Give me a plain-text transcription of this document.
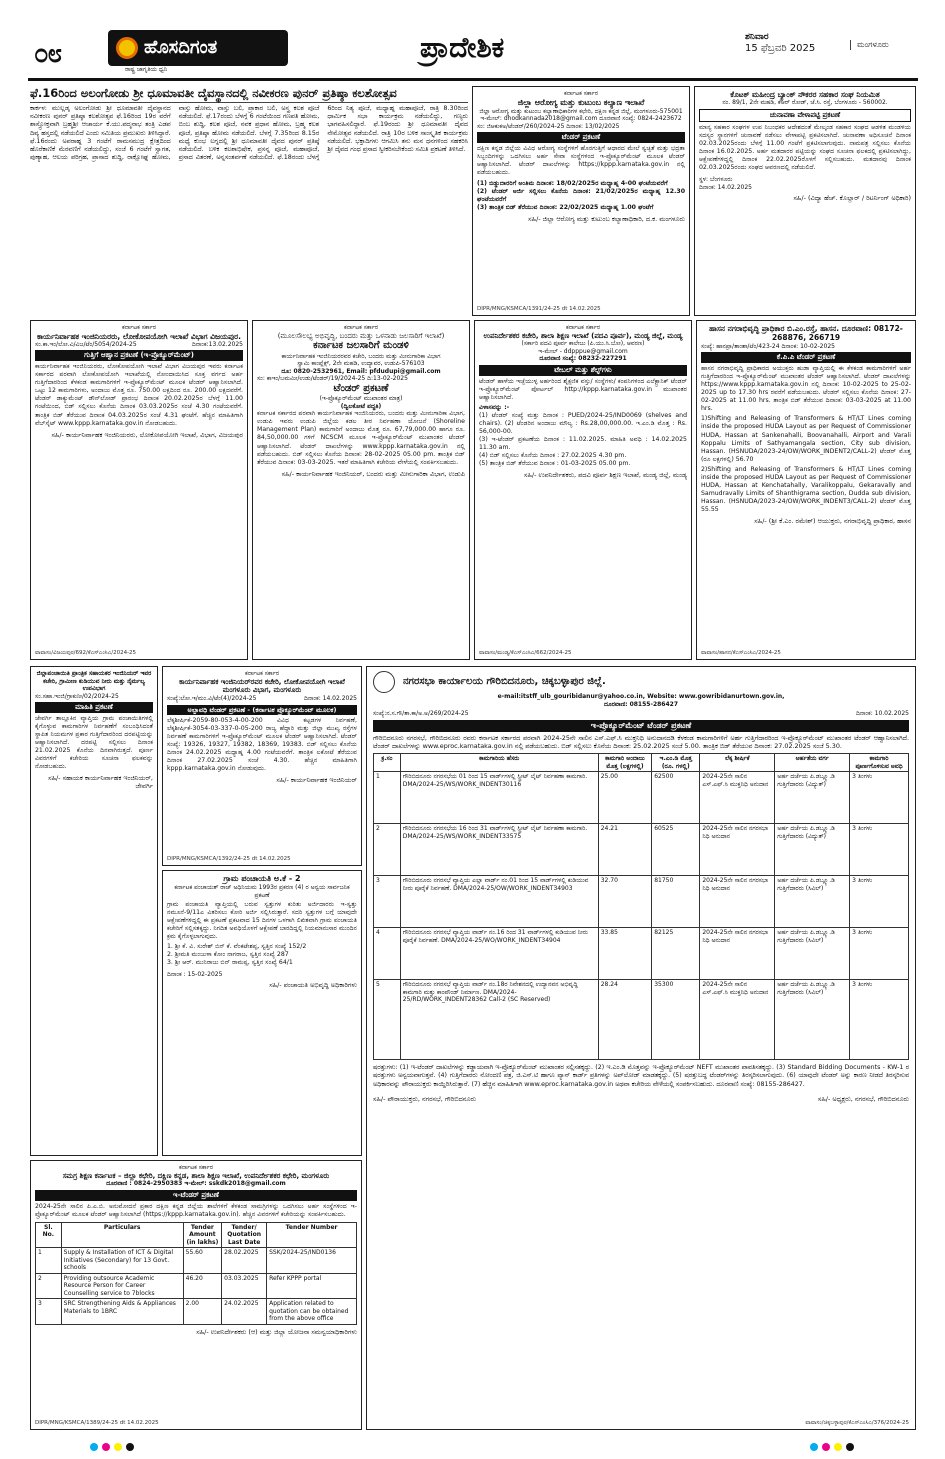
೦೮	ಹೊಸದಿಗಂತ
ರಾಷ್ಟ್ರ ಜಾಗೃತಿಯ ಧ್ವನಿ
ಪ್ರಾದೇಶಿಕ	ಶನಿವಾರ
15 ಫೆಬ್ರವರಿ 2025	ಮಂಗಳೂರು
ಫೆ.16ರಿಂದ ಅಲಂಗೋಡು ಶ್ರೀ ಧೂಮಾವತೀ ದೈವಸ್ಥಾನದಲ್ಲಿ ನವೀಕರಣ ಪುನರ್ ಪ್ರತಿಷ್ಠಾ ಕಲಶೋತ್ಸವ
ಕಾರ್ಕಳ: ಮುಲ್ಲಡ್ಕ ಅಲಂಗೋಡು ಶ್ರೀ ಧೂಮಾವತೀ ದೈವಸ್ಥಾನದ ನವೀಕರಣ ಪುನರ್ ಪ್ರತಿಷ್ಠಾ ಕಲಶೋತ್ಸವ ಫೆ.16ರಿಂದ 19ರ ವರೆಗೆ ಶಾಸ್ತ್ರೋಕ್ತವಾಗಿ ಬ್ರಹ್ಮಶ್ರೀ ಆಚಾರ್ಯ ಕೆ.ಯು.ಪದ್ಮನಾಭ ತಂತ್ರಿ ಎಡಪ ದಿವ್ಯ ಹಸ್ತದಲ್ಲಿ ನಡೆಯಲಿದೆ ಎಂದು ಸಮಿತಿಯ ಪ್ರಮುಖರು ತಿಳಿಸಿದ್ದಾರೆ. ಫೆ.16ರಂದು ಅಪರಾಹ್ನ 3 ಗಂಟೆಗೆ ರಾಮಸಮುದ್ರ ಕ್ಷೇತ್ರದಿಂದ ಹೊರೆಕಾಣಿಕೆ ಮೆರವಣಿಗೆ ನಡೆಯಲಿದ್ದು, ಸಂಜೆ 6 ಗಂಟೆಗೆ ಸ್ವಾಗತ, ಪುಣ್ಯಾಹ, ಆಲಯ ಪರಿಗ್ರಹ, ಪ್ರಾಸಾದ ಶುದ್ಧಿ, ರಾಕ್ಷೋಘ್ನ ಹೋಮ, ವಾಸ್ತು ಹೋಮ, ವಾಸ್ತು ಬಲಿ, ಪ್ರಾಕಾರ ಬಲಿ, ಅಸ್ತ್ರ ಕಲಶ ಪೂಜೆ ನಡೆಯಲಿದೆ. ಫೆ.17ರಂದು ಬೆಳಗ್ಗೆ 6 ಗಂಟೆಯಿಂದ ಗಣಪತಿ ಹೋಮ, ಬಿಂಬ ಶುದ್ಧಿ, ಕಲಶ ಪೂಜೆ, ನವಕ ಪ್ರಧಾನ ಹೋಮ, ಬ್ರಹ್ಮ ಕಲಶ ಪೂಜೆ, ಪ್ರತಿಷ್ಠಾ ಹೋಮ ನಡೆಯಲಿದೆ. ಬೆಳಗ್ಗೆ 7.35ರಿಂದ 8.15ರ ಮಧ್ಯೆ ಕುಂಭ ಲಗ್ನದಲ್ಲಿ ಶ್ರೀ ಧೂಮಾವತೀ ದೈವದ ಪುನರ್ ಪ್ರತಿಷ್ಠೆ ನಡೆಯಲಿದೆ. ಬಳಿಕ ಕಲಶಾಭಿಷೇಕ, ಪ್ರಸನ್ನ ಪೂಜೆ, ಮಹಾಪೂಜೆ, ಪ್ರಸಾದ ವಿತರಣೆ, ಅನ್ನಸಂತರ್ಪಣೆ ನಡೆಯಲಿದೆ. ಫೆ.18ರಂದು ಬೆಳಗ್ಗೆ 6ರಿಂದ ನಿತ್ಯ ಪೂಜೆ, ಮಧ್ಯಾಹ್ನ ಮಹಾಪೂಜೆ, ರಾತ್ರಿ 8.30ರಿಂದ ಧಾರ್ಮಿಕ ಸಭಾ ಕಾರ್ಯಕ್ರಮ ನಡೆಯಲಿದ್ದು, ಗಣ್ಯರು ಭಾಗವಹಿಸಲಿದ್ದಾರೆ. ಫೆ.19ರಂದು ಶ್ರೀ ಧೂಮಾವತೀ ದೈವದ ನೇಮೋತ್ಸವ ನಡೆಯಲಿದೆ. ರಾತ್ರಿ 10ರ ಬಳಿಕ ಸಾಂಸ್ಕೃತಿಕ ಕಾರ್ಯಕ್ರಮ ನಡೆಯಲಿದೆ. ಭಕ್ತಾದಿಗಳು ಆಗಮಿಸಿ ತನು ಮನ ಧನಗಳಿಂದ ಸಹಕರಿಸಿ ಶ್ರೀ ದೈವದ ಗಂಧ ಪ್ರಸಾದ ಸ್ವೀಕರಿಸಬೇಕೆಂದು ಸಮಿತಿ ಪ್ರಕಟಣೆ ತಿಳಿಸಿದೆ.
ಕರ್ನಾಟಕ ಸರ್ಕಾರ
ಜಿಲ್ಲಾ ಆರೋಗ್ಯ ಮತ್ತು ಕುಟುಂಬ ಕಲ್ಯಾಣ ಇಲಾಖೆ
ಜಿಲ್ಲಾ ಆರೋಗ್ಯ ಮತ್ತು ಕುಟುಂಬ ಕಲ್ಯಾಣಾಧಿಕಾರಿಗಳ ಕಛೇರಿ, ದಕ್ಷಿಣ ಕನ್ನಡ ಜಿಲ್ಲೆ, ಮಂಗಳೂರು-575001
ಇ-ಮೇಲ್: dhodkannada2018@gmail.com ದೂರವಾಣಿ ಸಂಖ್ಯೆ: 0824-2423672
ಸಂ: ಜಿಆಕುಕಅ/ಟೆಂಡರ್/260/2024-25 ದಿನಾಂಕ: 13/02/2025
ಟೆಂಡರ್ ಪ್ರಕಟಣೆ
ದಕ್ಷಿಣ ಕನ್ನಡ ಜಿಲ್ಲೆಯ ವಿವಿಧ ಆರೋಗ್ಯ ಸಂಸ್ಥೆಗಳಿಗೆ ಹೊರಗುತ್ತಿಗೆ ಆಧಾರದ ಮೇಲೆ ಸ್ವಚ್ಛತೆ ಮತ್ತು ಭದ್ರತಾ ಸಿಬ್ಬಂದಿಗಳನ್ನು ಒದಗಿಸಲು ಅರ್ಹ ಸೇವಾ ಸಂಸ್ಥೆಗಳಿಂದ ಇ-ಪ್ರೊಕ್ಯೂರ್‌ಮೆಂಟ್ ಮೂಲಕ ಟೆಂಡರ್ ಆಹ್ವಾನಿಸಲಾಗಿದೆ. ಟೆಂಡರ್ ದಾಖಲೆಗಳನ್ನು https://kppp.karnataka.gov.in ನಲ್ಲಿ ಪಡೆಯಬಹುದು.
(1) ಬಿಡ್ಡುದಾರರಿಗೆ ಅಂತಿಮ ದಿನಾಂಕ: 18/02/2025ರ ಮಧ್ಯಾಹ್ನ 4-00 ಘಂಟೆಯವರೆಗೆ
(2) ಟೆಂಡರ್ ಅರ್ಜಿ ಸಲ್ಲಿಸಲು ಕೊನೆಯ ದಿನಾಂಕ: 21/02/2025ರ ಮಧ್ಯಾಹ್ನ 12.30 ಘಂಟೆಯವರೆಗೆ
(3) ತಾಂತ್ರಿಕ ಬಿಡ್ ತೆರೆಯುವ ದಿನಾಂಕ: 22/02/2025 ಮಧ್ಯಾಹ್ನ 1.00 ಘಂಟೆಗೆ
ಸಹಿ/- ಜಿಲ್ಲಾ ಆರೋಗ್ಯ ಮತ್ತು ಕುಟುಂಬ ಕಲ್ಯಾಣಾಧಿಕಾರಿ, ದ.ಕ. ಮಂಗಳೂರು
DIPR/MNG/KSMCA/1391/24-25 dt 14.02.2025
ಕೊಟಕ್ ಮಹೀಂದ್ರ ಬ್ಯಾಂಕ್ ನೌಕರರ ಸಹಕಾರ ಸಂಘ ನಿಯಮಿತ
ನಂ. 89/1, 2ನೇ ಮಹಡಿ, ಕೆಆರ್ ರೋಡ್, ಜೆ.ಸಿ. ರಸ್ತೆ, ಬೆಂಗಳೂರು - 560002.
ಚುನಾವಣಾ ವೇಳಾಪಟ್ಟಿ ಪ್ರಕಟಣೆ
ಮಾನ್ಯ ಸಹಕಾರ ಸಂಘಗಳ ಉಪ ನಿಬಂಧಕರ ಆದೇಶದಂತೆ ಮೇಲ್ಕಂಡ ಸಹಕಾರ ಸಂಘದ ಆಡಳಿತ ಮಂಡಳಿಯ ಸದಸ್ಯರ ಸ್ಥಾನಗಳಿಗೆ ಚುನಾವಣೆ ನಡೆಸಲು ವೇಳಾಪಟ್ಟಿ ಪ್ರಕಟಿಸಲಾಗಿದೆ. ಚುನಾವಣಾ ಅಧಿಸೂಚನೆ ದಿನಾಂಕ 02.03.2025ರಂದು ಬೆಳಗ್ಗೆ 11.00 ಗಂಟೆಗೆ ಪ್ರಕಟಿಸಲಾಗುವುದು. ನಾಮಪತ್ರ ಸಲ್ಲಿಸಲು ಕೊನೆಯ ದಿನಾಂಕ 16.02.2025. ಅರ್ಹ ಮತದಾರರ ಪಟ್ಟಿಯನ್ನು ಸಂಘದ ಸೂಚನಾ ಫಲಕದಲ್ಲಿ ಪ್ರಕಟಿಸಲಾಗಿದ್ದು, ಆಕ್ಷೇಪಣೆಗಳಿದ್ದಲ್ಲಿ ದಿನಾಂಕ 22.02.2025ರೊಳಗೆ ಸಲ್ಲಿಸಬಹುದು. ಮತದಾನವು ದಿನಾಂಕ 02.03.2025ರಂದು ಸಂಘದ ಆವರಣದಲ್ಲಿ ನಡೆಯಲಿದೆ.
ಸ್ಥಳ: ಬೆಂಗಳೂರು
ದಿನಾಂಕ: 14.02.2025
ಸಹಿ/- (ವಿದ್ಯಾ ಹೆಚ್. ಕೊಲ್ಲಾರ್ / ರಿಟರ್ನಿಂಗ್ ಅಧಿಕಾರಿ)
ಕರ್ನಾಟಕ ಸರ್ಕಾರ
ಕಾರ್ಯನಿರ್ವಾಹಕ ಇಂಜಿನಿಯರರು, ಲೋಕೋಪಯೋಗಿ ಇಲಾಖೆ ವಿಭಾಗ ವಿಜಯಪುರ.
ಸಂ.ಕಾ.ಇಂ/ಲೋ.ವಿ/ವಿಜ/ಟೆಂ/5054/2024-25	ದಿನಾಂಕ:13.02.2025
ಗುತ್ತಿಗೆ ಆಹ್ವಾನ ಪ್ರಕಟಣೆ (ಇ-ಪ್ರೊಕ್ಯೂರ್‌ಮೆಂಟ್)
ಕಾರ್ಯನಿರ್ವಾಹಕ ಇಂಜಿನಿಯರರು, ಲೋಕೋಪಯೋಗಿ ಇಲಾಖೆ ವಿಭಾಗ ವಿಜಯಪುರ ಇವರು ಕರ್ನಾಟಕ ಸರ್ಕಾರದ ಪರವಾಗಿ ಲೋಕೋಪಯೋಗಿ ಇಲಾಖೆಯಲ್ಲಿ ನೋಂದಾಯಿಸಿದ ಸೂಕ್ತ ವರ್ಗದ ಅರ್ಹ ಗುತ್ತಿಗೆದಾರರಿಂದ ಕೆಳಕಂಡ ಕಾಮಗಾರಿಗಳಿಗೆ ಇ-ಪ್ರೊಕ್ಯೂರ್‌ಮೆಂಟ್ ಮೂಲಕ ಟೆಂಡರ್ ಆಹ್ವಾನಿಸಲಾಗಿದೆ. ಒಟ್ಟು 12 ಕಾಮಗಾರಿಗಳು, ಅಂದಾಜು ಮೊತ್ತ ರೂ. 750.00 ಲಕ್ಷದಿಂದ ರೂ. 200.00 ಲಕ್ಷದವರೆಗೆ. ಟೆಂಡರ್ ಡಾಕ್ಯುಮೆಂಟ್ ಡೌನ್‌ಲೋಡ್ ಪ್ರಾರಂಭ ದಿನಾಂಕ 20.02.2025ರ ಬೆಳಗ್ಗೆ 11.00 ಗಂಟೆಯಿಂದ, ಬಿಡ್ ಸಲ್ಲಿಸಲು ಕೊನೆಯ ದಿನಾಂಕ 03.03.2025ರ ಸಂಜೆ 4.30 ಗಂಟೆಯವರೆಗೆ. ತಾಂತ್ರಿಕ ಬಿಡ್ ತೆರೆಯುವ ದಿನಾಂಕ 04.03.2025ರ ಸಂಜೆ 4.31 ಘಂಟೆಗೆ. ಹೆಚ್ಚಿನ ಮಾಹಿತಿಗಾಗಿ ವೆಬ್‌ಸೈಟ್ www.kppp.karnataka.gov.in ನೋಡಬಹುದು.
ಸಹಿ/- ಕಾರ್ಯನಿರ್ವಾಹಕ ಇಂಜಿನಿಯರರು, ಲೋಕೋಪಯೋಗಿ ಇಲಾಖೆ, ವಿಭಾಗ, ವಿಜಯಪುರ
ವಾವಾಸಂ/ವಿಜಯಪುರ/692/ಕೆಎಸ್ಎಂಸಿಎ/2024-25
ಕರ್ನಾಟಕ ಸರ್ಕಾರ
(ಮೂಲಸೌಲಭ್ಯ ಅಭಿವೃದ್ಧಿ, ಬಂದರು ಮತ್ತು ಒಳನಾಡು ಜಲಸಾರಿಗೆ ಇಲಾಖೆ)
ಕರ್ನಾಟಕ ಜಲಸಾರಿಗೆ ಮಂಡಳಿ
ಕಾರ್ಯನಿರ್ವಾಹಕ ಇಂಜಿನಿಯರರವರ ಕಚೇರಿ, ಬಂದರು ಮತ್ತು ಮೀನುಗಾರಿಕಾ ವಿಭಾಗ
ಸ್ವಾಮಿ ಕಾಂಪ್ಲೆಕ್ಸ್, 2ನೇ ಮಹಡಿ, ಉದ್ಯಾವರ, ಉಡುಪಿ-576103
ದೂ: 0820-2532961, Email: pfdudupi@gmail.com
ಸಂ: ಕಾಇಂ/ಬಮಮೀ/ಉಡು/ಟೆಂಡರ್/19/2024-25 ದಿ:13-02-2025
ಟೆಂಡರ್ ಪ್ರಕಟಣೆ
(ಇ-ಪ್ರೊಕ್ಯೂರ್‌ಮೆಂಟ್ ಮುಖಾಂತರ ಮಾತ್ರ)
(ದ್ವಿಲಕೋಟೆ ಪದ್ಧತಿ)
ಕರ್ನಾಟಕ ಸರ್ಕಾರದ ಪರವಾಗಿ ಕಾರ್ಯನಿರ್ವಾಹಕ ಇಂಜಿನಿಯರರು, ಬಂದರು ಮತ್ತು ಮೀನುಗಾರಿಕಾ ವಿಭಾಗ, ಉಡುಪಿ ಇವರು ಉಡುಪಿ ಜಿಲ್ಲೆಯ ಕಡಲ ತೀರ ನಿರ್ವಹಣಾ ಯೋಜನೆ (Shoreline Management Plan) ಕಾಮಗಾರಿಗೆ ಅಂದಾಜು ಮೊತ್ತ ರೂ. 67,79,000.00 ಹಾಗೂ ರೂ. 84,50,000.00 ಗಳಿಗೆ NCSCM ಮೂಲಕ ಇ-ಪ್ರೊಕ್ಯೂರ್‌ಮೆಂಟ್ ಮುಖಾಂತರ ಟೆಂಡರ್ ಆಹ್ವಾನಿಸಲಾಗಿದೆ. ಟೆಂಡರ್ ದಾಖಲೆಗಳನ್ನು www.kppp.karnataka.gov.in ನಲ್ಲಿ ಪಡೆಯಬಹುದು. ಬಿಡ್ ಸಲ್ಲಿಸಲು ಕೊನೆಯ ದಿನಾಂಕ: 28-02-2025 05.00 pm. ತಾಂತ್ರಿಕ ಬಿಡ್ ತೆರೆಯುವ ದಿನಾಂಕ: 03-03-2025. ಇತರೆ ಮಾಹಿತಿಗಾಗಿ ಕಚೇರಿಯ ವೇಳೆಯಲ್ಲಿ ಸಂಪರ್ಕಿಸಬಹುದು.
ಸಹಿ/- ಕಾರ್ಯನಿರ್ವಾಹಕ ಇಂಜಿನಿಯರ್, ಬಂದರು ಮತ್ತು ಮೀನುಗಾರಿಕಾ ವಿಭಾಗ, ಉಡುಪಿ
ಕರ್ನಾಟಕ ಸರ್ಕಾರ
ಉಪನಿರ್ದೇಶಕರ ಕಚೇರಿ, ಶಾಲಾ ಶಿಕ್ಷಣ ಇಲಾಖೆ (ಪದವಿ ಪೂರ್ವ), ಮಂಡ್ಯ ಜಿಲ್ಲೆ, ಮಂಡ್ಯ
(ಸರ್ಕಾರಿ ಪದವಿ ಪೂರ್ವ ಕಾಲೇಜು (ಪಿ.ಯು.ಸಿ.ಬೋ), ಆವರಣ)
ಇ-ಮೇಲ್ - ddpppue@gmail.com
ದೂರವಾಣಿ ಸಂಖ್ಯೆ: 08232-227291
ಟೇಬಲ್ ಮತ್ತು ಶೆಲ್ಫ್‌ಗಳು
ಟೆಂಡರ್ ಹಾಳೆಯ ಇಚ್ಛೆಯುಳ್ಳ ಅರ್ಹರಿಂದ ಶೈಕ್ಷಣಿಕ ವಸ್ತು/ ಸಂಸ್ಥೆಗಳು/ ಕಂಪನಿಗಳಿಂದ ಎಲೆಕ್ಟ್ರಾನಿಕ್ ಟೆಂಡರ್ ಇ-ಪ್ರೊಕ್ಯೂರ್‌ಮೆಂಟ್ ಪೋರ್ಟಲ್ http://kppp.karnataka.gov.in ಮುಖಾಂತರ ಆಹ್ವಾನಿಸಲಾಗಿದೆ.
ವಿಳಾಸವನ್ನು :-
(1) ಟೆಂಡರ್ ಸಂಖ್ಯೆ ಮತ್ತು ದಿನಾಂಕ : PUED/2024-25/IND0069 (shelves and chairs). (2) ಟೆಂಡರಿನ ಅಂದಾಜು ಮೌಲ್ಯ : Rs.28,00,000.00. ಇ.ಎಂ.ಡಿ ಮೊತ್ತ : Rs. 56,000-00.
(3) ಇ-ಟೆಂಡರ್ ಪ್ರಕಟಣೆಯ ದಿನಾಂಕ : 11.02.2025. ಮಾಹಿತಿ ಅವಧಿ : 14.02.2025 11.30 am.
(4) ಬಿಡ್ ಸಲ್ಲಿಸಲು ಕೊನೆಯ ದಿನಾಂಕ : 27.02.2025 4.30 pm.
(5) ತಾಂತ್ರಿಕ ಬಿಡ್ ತೆರೆಯುವ ದಿನಾಂಕ : 01-03-2025 05.00 pm.
ಸಹಿ/- ಉಪನಿರ್ದೇಶಕರು, ಪದವಿ ಪೂರ್ವ ಶಿಕ್ಷಣ ಇಲಾಖೆ, ಮಂಡ್ಯ ಜಿಲ್ಲೆ, ಮಂಡ್ಯ
ವಾವಾಸಂ/ಮಂಡ್ಯ/ಕೆಎಸ್ಎಂಸಿಎ/662/2024-25
ಹಾಸನ ನಗರಾಭಿವೃದ್ಧಿ ಪ್ರಾಧಿಕಾರ ಬಿ.ಎಂ.ರಸ್ತೆ, ಹಾಸನ. ದೂರವಾಣಿ: 08172-268876, 266719
ಸಂಖ್ಯೆ: ಹಾನಪ್ರಾ/ತಾಂಶಾ/ಟೆಂ/423-24 ದಿನಾಂಕ: 10-02-2025
ಕೆ.ಪಿ.ಪಿ ಟೆಂಡರ್ ಪ್ರಕಟಣೆ
ಹಾಸನ ನಗರಾಭಿವೃದ್ಧಿ ಪ್ರಾಧಿಕಾರದ ಅಯುಕ್ತರು ಹುಡಾ ವ್ಯಾಪ್ತಿಯಲ್ಲಿ ಈ ಕೆಳಕಂಡ ಕಾಮಗಾರಿಗಳಿಗೆ ಅರ್ಹ ಗುತ್ತಿಗೆದಾರರಿಂದ ಇ-ಪ್ರೊಕ್ಯೂರ್‌ಮೆಂಟ್ ಮುಖಾಂತರ ಟೆಂಡರ್ ಆಹ್ವಾನಿಸಲಾಗಿದೆ. ಟೆಂಡರ್ ದಾಖಲೆಗಳನ್ನು https://www.kppp.karnataka.gov.in ನಲ್ಲಿ ದಿನಾಂಕ: 10-02-2025 to 25-02-2025 up to 17.30 hrs ರವರೆಗೆ ಪಡೆಯಬಹುದು. ಟೆಂಡರ್ ಸಲ್ಲಿಸಲು ಕೊನೆಯ ದಿನಾಂಕ: 27-02-2025 at 11.00 hrs. ತಾಂತ್ರಿಕ ಬಿಡ್ ತೆರೆಯುವ ದಿನಾಂಕ: 03-03-2025 at 11.00 hrs.
1)Shifting and Releasing of Transformers & HT/LT Lines coming inside the proposed HUDA Layout as per Request of Commissioner HUDA, Hassan at Sankenahalli, Boovanahalli, Airport and Varali Koppalu Limits of Sathyamangala section, City sub division, Hassan. (HSNUDA/2023-24/OW/WORK_INDENT2/CALL-2) ಟೆಂಡರ್ ಮೊತ್ತ (ರೂ ಲಕ್ಷಗಳಲ್ಲಿ) 56.70
2)Shifting and Releasing of Transformers & HT/LT Lines coming inside the proposed HUDA Layout as per Request of Commissioner HUDA, Hassan at Kenchatahally, Varalikoppalu, Gekaravally and Samudravally Limits of Shanthigrama section, Dudda sub division, Hassan. (HSNUDA/2023-24/OW/WORK_INDENT3/CALL-2) ಟೆಂಡರ್ ಮೊತ್ತ 55.55
ಸಹಿ/- (ಶ್ರೀ ಕೆ.ಎಂ. ರಮೇಶ್) ಆಯುಕ್ತರು, ನಗರಾಭಿವೃದ್ಧಿ ಪ್ರಾಧಿಕಾರ, ಹಾಸನ
ವಾವಾಸಂ/ಹಾಸನ/ಕೆಎಸ್ಎಂಸಿಎ/2024-25
ಜಿಲ್ಲಾಪಂಚಾಯಿತಿ ಪ್ರಾಂತ್ರಿಕ ಸಹಾಯಕರ ಇಂಜಿನಿಯರ್ ಇವರ ಕಚೇರಿ, ಗ್ರಾಮೀಣ ಕುಡಿಯುವ ನೀರು ಮತ್ತು ನೈರ್ಮಲ್ಯ ಉಪವಿಭಾಗ
ಸಂ.ಸಹಾ.ಇಂಜಿ/ಗ್ರಾಕುನೀ/02/2024-25
ಮಾಹಿತಿ ಪ್ರಕಟಣೆ
ಜೇವರ್ಗಿ ತಾಲ್ಲೂಕಿನ ವ್ಯಾಪ್ತಿಯ ಗ್ರಾಮ ಪಂಚಾಯಿತಿಗಳಲ್ಲಿ ಕೈಗೊಳ್ಳುವ ಕಾಮಗಾರಿಗಳ ನಿರ್ವಹಣೆಗೆ ಸಂಬಂಧಿಸಿದಂತೆ ಸ್ಥಾಪಿತ ನಿಯಮಗಳ ಪ್ರಕಾರ ಗುತ್ತಿಗೆದಾರರಿಂದ ದರಪಟ್ಟಿಯನ್ನು ಆಹ್ವಾನಿಸಲಾಗಿದೆ. ದರಪಟ್ಟಿ ಸಲ್ಲಿಸಲು ದಿನಾಂಕ 21.02.2025 ಕೊನೆಯ ದಿನವಾಗಿರುತ್ತದೆ. ಪೂರ್ಣ ವಿವರಗಳಿಗೆ ಕಚೇರಿಯ ಸೂಚನಾ ಫಲಕವನ್ನು ನೋಡಬಹುದು.
ಸಹಿ/- ಸಹಾಯಕ ಕಾರ್ಯನಿರ್ವಾಹಕ ಇಂಜಿನಿಯರ್, ಜೇವರ್ಗಿ
ಕರ್ನಾಟಕ ಸರ್ಕಾರ
ಕಾರ್ಯನಿರ್ವಾಹಕ ಇಂಜಿನಿಯರ್‌ರವರ ಕಚೇರಿ, ಲೋಕೋಪಯೋಗಿ ಇಲಾಖೆ ಮಂಗಳೂರು ವಿಭಾಗ, ಮಂಗಳೂರು
ಸಂಖ್ಯೆ:ಲೋ.ಇ/ಮಂ.ವಿ/ಟೆಂ(4)/2024-25	ದಿನಾಂಕ: 14.02.2025
ಅಲ್ಪಾವಧಿ ಟೆಂಡರ್ ಪ್ರಕಟಣೆ - (ಕರ್ನಾಟಕ ಪ್ರೊಕ್ಯೂರ್‌ಮೆಂಟ್ ಮೂಲಕ)
ಲೆಕ್ಕಶೀರ್ಷಿಕೆ-2059-80-053-4-00-200 ವಿವಿಧ ಕಟ್ಟಡಗಳ ನಿರ್ವಹಣೆ, ಲೆಕ್ಕಶೀರ್ಷಿಕೆ-3054-03-337-0-05-200 ರಾಜ್ಯ ಹೆದ್ದಾರಿ ಮತ್ತು ಜಿಲ್ಲಾ ಮುಖ್ಯ ರಸ್ತೆಗಳ ನಿರ್ವಹಣೆ ಕಾಮಗಾರಿಗಳಿಗೆ ಇ-ಪ್ರೊಕ್ಯೂರ್‌ಮೆಂಟ್ ಮೂಲಕ ಟೆಂಡರ್ ಆಹ್ವಾನಿಸಲಾಗಿದೆ. ಟೆಂಡರ್ ಸಂಖ್ಯೆ: 19326, 19327, 19382, 18369, 19383. ಬಿಡ್ ಸಲ್ಲಿಸಲು ಕೊನೆಯ ದಿನಾಂಕ 24.02.2025 ಮಧ್ಯಾಹ್ನ 4.00 ಗಂಟೆಯವರೆಗೆ. ತಾಂತ್ರಿಕ ಲಕೋಟೆ ತೆರೆಯುವ ದಿನಾಂಕ 27.02.2025 ಸಂಜೆ 4.30. ಹೆಚ್ಚಿನ ಮಾಹಿತಿಗಾಗಿ kppp.karnataka.gov.in ನೋಡುವುದು.
ಸಹಿ/- ಕಾರ್ಯನಿರ್ವಾಹಕ ಇಂಜಿನಿಯರ್
DIPR/MNG/KSMCA/1392/24-25 dt 14.02.2025
ಗ್ರಾಮ ಪಂಚಾಯತಿ ಅ.ಕೆ - 2
ಕರ್ನಾಟಕ ಪಂಚಾಯತ್ ರಾಜ್ ಅಧಿನಿಯಮ 1993ರ ಪ್ರಕರಣ (4) ರ ಅನ್ವಯ ಸಾರ್ವಜನಿಕ ಪ್ರಕಟಣೆ
ಗ್ರಾಮ ಪಂಚಾಯತಿ ವ್ಯಾಪ್ತಿಯಲ್ಲಿ ಬರುವ ಸ್ವತ್ತುಗಳ ಕುರಿತು ಅರ್ಜಿದಾರರು ಇ-ಸ್ವತ್ತು ನಮೂನೆ-9/11ಎ ವಿತರಿಸಲು ಕೋರಿ ಅರ್ಜಿ ಸಲ್ಲಿಸಿರುತ್ತಾರೆ. ಸದರಿ ಸ್ವತ್ತುಗಳ ಬಗ್ಗೆ ಯಾವುದೇ ಆಕ್ಷೇಪಣೆಗಳಿದ್ದಲ್ಲಿ ಈ ಪ್ರಕಟಣೆ ಪ್ರಕಟವಾದ 15 ದಿನಗಳ ಒಳಗಾಗಿ ಲಿಖಿತವಾಗಿ ಗ್ರಾಮ ಪಂಚಾಯತಿ ಕಚೇರಿಗೆ ಸಲ್ಲಿಸತಕ್ಕದ್ದು. ನಿಗದಿತ ಅವಧಿಯೊಳಗೆ ಆಕ್ಷೇಪಣೆ ಬಾರದಿದ್ದಲ್ಲಿ ನಿಯಮಾನುಸಾರ ಮುಂದಿನ ಕ್ರಮ ಕೈಗೊಳ್ಳಲಾಗುವುದು.
1. ಶ್ರೀ ಕೆ. ವಿ. ಸುರೇಶ್ ಬಿನ್ ಕೆ. ವೆಂಕಟೇಶಪ್ಪ, ಸ್ವತ್ತಿನ ಸಂಖ್ಯೆ 152/2
2. ಶ್ರೀಮತಿ ಮಂಜುಳಾ ಕೋಂ ನಾಗರಾಜ, ಸ್ವತ್ತಿನ ಸಂಖ್ಯೆ 287
3. ಶ್ರೀ ಆರ್. ಮುನಿರಾಜು ಬಿನ್ ರಾಮಪ್ಪ, ಸ್ವತ್ತಿನ ಸಂಖ್ಯೆ 64/1
ದಿನಾಂಕ : 15-02-2025
ಸಹಿ/- ಪಂಚಾಯತಿ ಅಭಿವೃದ್ಧಿ ಅಧಿಕಾರಿಗಳು
ಕರ್ನಾಟಕ ಸರ್ಕಾರ
ಸಮಗ್ರ ಶಿಕ್ಷಣ ಕರ್ನಾಟಕ – ಜಿಲ್ಲಾ ಕಛೇರಿ, ದಕ್ಷಿಣ ಕನ್ನಡ, ಶಾಲಾ ಶಿಕ್ಷಣ ಇಲಾಖೆ, ಉಪನಿರ್ದೇಶಕರ ಕಛೇರಿ, ಮಂಗಳೂರು
ದೂರವಾಣಿ : 0824-2950383 ಇ-ಮೇಲ್: sskdk2018@gmail.com
ಇ-ಟೆಂಡರ್ ಪ್ರಕಟಣೆ
2024-25ನೇ ಸಾಲಿನ ಪಿ.ಎ.ಬಿ. ಅನುಮೋದನೆ ಪ್ರಕಾರ ದಕ್ಷಿಣ ಕನ್ನಡ ಜಿಲ್ಲೆಯ ಶಾಲೆಗಳಿಗೆ ಕೆಳಕಂಡ ಸಾಮಗ್ರಿಗಳನ್ನು ಒದಗಿಸಲು ಅರ್ಹ ಸಂಸ್ಥೆಗಳಿಂದ ಇ-ಪ್ರೊಕ್ಯೂರ್‌ಮೆಂಟ್ ಮೂಲಕ ಟೆಂಡರ್ ಆಹ್ವಾನಿಸಲಾಗಿದೆ (https://kppp.karnataka.gov.in). ಹೆಚ್ಚಿನ ವಿವರಗಳಿಗೆ ಕಚೇರಿಯನ್ನು ಸಂಪರ್ಕಿಸಬಹುದು.
Sl. No.	Particulars	Tender Amount (in lakhs)	Tender/ Quotation Last Date	Tender Number
1	Supply & Installation of ICT & Digital Initiatives (Secondary) for 13 Govt. schools	55.60	28.02.2025	SSK/2024-25/IND0136
2	Providing outsource Academic Resource Person for Career Counselling service to 7blocks	46.20	03.03.2025	Refer KPPP portal
3	SRC Strengthening Aids & Appliances Materials to 1BRC	2.00	24.02.2025	Application related to quotation can be obtained from the above office
ಸಹಿ/- ಉಪನಿರ್ದೇಶಕರು (ಆ) ಮತ್ತು ಜಿಲ್ಲಾ ಯೋಜನಾ ಸಮನ್ವಯಾಧಿಕಾರಿಗಳು
DIPR/MNG/KSMCA/1389/24-25 dt 14.02.2025
ನಗರಸಭಾ ಕಾರ್ಯಾಲಯ ಗೌರಿಬಿದನೂರು, ಚಿಕ್ಕಬಳ್ಳಾಪುರ ಜಿಲ್ಲೆ.
e-mail:itstff_ulb_gouribidanur@yahoo.co.in, Website: www.gowribidanurtown.gov.in,
ದೂರವಾಣಿ: 08155-286427
ಸಂಖ್ಯೆ:ನ.ಸ.ಗೌ/ತಾ.ಕಾ/ಅ.ಅ/269/2024-25	ದಿನಾಂಕ: 10.02.2025
ಇ-ಪ್ರೊಕ್ಯೂರ್‌ಮೆಂಟ್ ಟೆಂಡರ್ ಪ್ರಕಟಣೆ
ಗೌರಿಬಿದನೂರು ನಗರಸಭೆ, ಗೌರಿಬಿದನೂರು ರವರು ಕರ್ನಾಟಕ ಸರ್ಕಾರದ ಪರವಾಗಿ 2024-25ನೇ ಸಾಲಿನ ಎಸ್.ಎಫ್.ಸಿ ಮುಕ್ತನಿಧಿ ಅನುದಾನದಡಿ ಕೆಳಕಂಡ ಕಾಮಗಾರಿಗಳಿಗೆ ಅರ್ಹ ಗುತ್ತಿಗೆದಾರರಿಂದ ಇ-ಪ್ರೊಕ್ಯೂರ್‌ಮೆಂಟ್ ಮುಖಾಂತರ ಟೆಂಡರ್ ಆಹ್ವಾನಿಸಲಾಗಿದೆ. ಟೆಂಡರ್ ದಾಖಲೆಗಳನ್ನು www.eproc.karnataka.gov.in ನಲ್ಲಿ ಪಡೆಯಬಹುದು. ಬಿಡ್ ಸಲ್ಲಿಸಲು ಕೊನೆಯ ದಿನಾಂಕ: 25.02.2025 ಸಂಜೆ 5.00. ತಾಂತ್ರಿಕ ಬಿಡ್ ತೆರೆಯುವ ದಿನಾಂಕ: 27.02.2025 ಸಂಜೆ 5.30.
ಕ್ರ.ಸಂ	ಕಾಮಗಾರಿಯ ಹೆಸರು	ಕಾಮಗಾರಿ ಅಂದಾಜು ಮೊತ್ತ (ಲಕ್ಷಗಳಲ್ಲಿ)	ಇ.ಎಂ.ಡಿ ಮೊತ್ತ (ರೂ. ಗಳಲ್ಲಿ)	ಲೆಕ್ಕ ಶೀರ್ಷಿಕೆ	ಅರ್ಹತೆಯ ವರ್ಗ	ಕಾಮಗಾರಿ ಪೂರ್ಣಗೊಳಿಸುವ ಅವಧಿ
1	ಗೌರಿಬಿದನೂರು ನಗರಸಭೆಯ 01 ರಿಂದ 15 ವಾರ್ಡ್‌ಗಳಲ್ಲಿ ಸ್ಟ್ರೀಟ್ ಲೈಟ್ ನಿರ್ವಹಣಾ ಕಾಮಗಾರಿ. DMA/2024-25/WS/WORK_INDENT30116	25.00	62500	2024-25ನೇ ಸಾಲಿನ ಎಸ್.ಎಫ್.ಸಿ ಮುಕ್ತನಿಧಿ ಅನುದಾನ	ಅರ್ಹ ದರ್ಜೆಯ ಪಿ.ಡಬ್ಲ್ಯೂ.ಡಿ ಗುತ್ತಿಗೆದಾರರು (ವಿದ್ಯುತ್)	3 ತಿಂಗಳು
2	ಗೌರಿಬಿದನೂರು ನಗರಸಭೆಯ 16 ರಿಂದ 31 ವಾರ್ಡ್‌ಗಳಲ್ಲಿ ಸ್ಟ್ರೀಟ್ ಲೈಟ್ ನಿರ್ವಹಣಾ ಕಾಮಗಾರಿ. DMA/2024-25/WS/WORK_INDENT33575	24.21	60525	2024-25ನೇ ಸಾಲಿನ ನಗರಸಭಾ ನಿಧಿ ಅನುದಾನ	ಅರ್ಹ ದರ್ಜೆಯ ಪಿ.ಡಬ್ಲ್ಯೂ.ಡಿ ಗುತ್ತಿಗೆದಾರರು (ವಿದ್ಯುತ್)	3 ತಿಂಗಳು
3	ಗೌರಿಬಿದನೂರು ನಗರಸಭೆ ವ್ಯಾಪ್ತಿಯ ಎಲ್ಲಾ ವಾರ್ಡ್ ನಂ.01 ರಿಂದ 15 ವಾರ್ಡ್‌ಗಳಲ್ಲಿ ಕುಡಿಯುವ ನೀರು ಪೂರೈಕೆ ನಿರ್ವಹಣೆ. DMA/2024-25/OW/WORK_INDENT34903	32.70	81750	2024-25ನೇ ಸಾಲಿನ ನಗರಸಭಾ ನಿಧಿ ಅನುದಾನ	ಅರ್ಹ ದರ್ಜೆಯ ಪಿ.ಡಬ್ಲ್ಯೂ.ಡಿ ಗುತ್ತಿಗೆದಾರರು (ಸಿವಿಲ್)	3 ತಿಂಗಳು
4	ಗೌರಿಬಿದನೂರು ನಗರಸಭೆ ವ್ಯಾಪ್ತಿಯ ವಾರ್ಡ್ ನಂ.16 ರಿಂದ 31 ವಾರ್ಡ್‌ಗಳಲ್ಲಿ ಕುಡಿಯುವ ನೀರು ಪೂರೈಕೆ ನಿರ್ವಹಣೆ. DMA/2024-25/WO/WORK_INDENT34904	33.85	82125	2024-25ನೇ ಸಾಲಿನ ನಗರಸಭಾ ನಿಧಿ ಅನುದಾನ	ಅರ್ಹ ದರ್ಜೆಯ ಪಿ.ಡಬ್ಲ್ಯೂ.ಡಿ ಗುತ್ತಿಗೆದಾರರು (ಸಿವಿಲ್)	3 ತಿಂಗಳು
5	ಗೌರಿಬಿದನೂರು ನಗರಸಭೆ ವ್ಯಾಪ್ತಿಯ ವಾರ್ಡ್ ನಂ.18ರ ನಿವೇಶನದಲ್ಲಿ ಉದ್ಯಾನವನ ಅಭಿವೃದ್ಧಿ ಕಾಮಗಾರಿ ಮತ್ತು ಕಾಂಪೌಂಡ್ ನಿರ್ಮಾಣ. DMA/2024-25/RD/WORK_INDENT28362 Call-2 (SC Reserved)	28.24	35300	2024-25ನೇ ಸಾಲಿನ ಎಸ್.ಎಫ್.ಸಿ ಮುಕ್ತನಿಧಿ ಅನುದಾನ	ಅರ್ಹ ದರ್ಜೆಯ ಪಿ.ಡಬ್ಲ್ಯೂ.ಡಿ ಗುತ್ತಿಗೆದಾರರು (ಸಿವಿಲ್)	3 ತಿಂಗಳು
ಷರತ್ತುಗಳು: (1) ಇ-ಟೆಂಡರ್ ದಾಖಲೆಗಳನ್ನು ಕಡ್ಡಾಯವಾಗಿ ಇ-ಪ್ರೊಕ್ಯೂರ್‌ಮೆಂಟ್ ಮುಖಾಂತರ ಸಲ್ಲಿಸತಕ್ಕದ್ದು. (2) ಇ.ಎಂ.ಡಿ ಮೊತ್ತವನ್ನು ಇ-ಪ್ರೊಕ್ಯೂರ್‌ಮೆಂಟ್ NEFT ಮುಖಾಂತರ ಪಾವತಿಸತಕ್ಕದ್ದು. (3) Standard Bidding Documents - KW-1 ರ ಷರತ್ತುಗಳು ಅನ್ವಯವಾಗುತ್ತವೆ. (4) ಗುತ್ತಿಗೆದಾರರು ನೋಂದಣಿ ಪತ್ರ, ಜಿ.ಎಸ್.ಟಿ ಹಾಗೂ ಪ್ಯಾನ್ ಕಾರ್ಡ್ ಪ್ರತಿಗಳನ್ನು ಅಪ್‌ಲೋಡ್ ಮಾಡತಕ್ಕದ್ದು. (5) ಷರತ್ತುಬದ್ಧ ಟೆಂಡರ್‌ಗಳನ್ನು ತಿರಸ್ಕರಿಸಲಾಗುವುದು. (6) ಯಾವುದೇ ಟೆಂಡರ್ ಅನ್ನು ಕಾರಣ ನೀಡದೆ ತಿರಸ್ಕರಿಸುವ ಅಧಿಕಾರವನ್ನು ಪೌರಾಯುಕ್ತರು ಕಾಯ್ದಿರಿಸಿರುತ್ತಾರೆ. (7) ಹೆಚ್ಚಿನ ಮಾಹಿತಿಗಾಗಿ www.eproc.karnataka.gov.in ಅಥವಾ ಕಚೇರಿಯ ವೇಳೆಯಲ್ಲಿ ಸಂಪರ್ಕಿಸಬಹುದು. ದೂರವಾಣಿ ಸಂಖ್ಯೆ: 08155-286427.
ಸಹಿ/- ಪೌರಾಯುಕ್ತರು, ನಗರಸಭೆ, ಗೌರಿಬಿದನೂರು	ಸಹಿ/- ಅಧ್ಯಕ್ಷರು, ನಗರಸಭೆ, ಗೌರಿಬಿದನೂರು
ವಾವಾಸಂ/ಚಿಕ್ಕಬಳ್ಳಾಪುರ/ಕೆಎಸ್ಎಂಸಿಎ/376/2024-25
